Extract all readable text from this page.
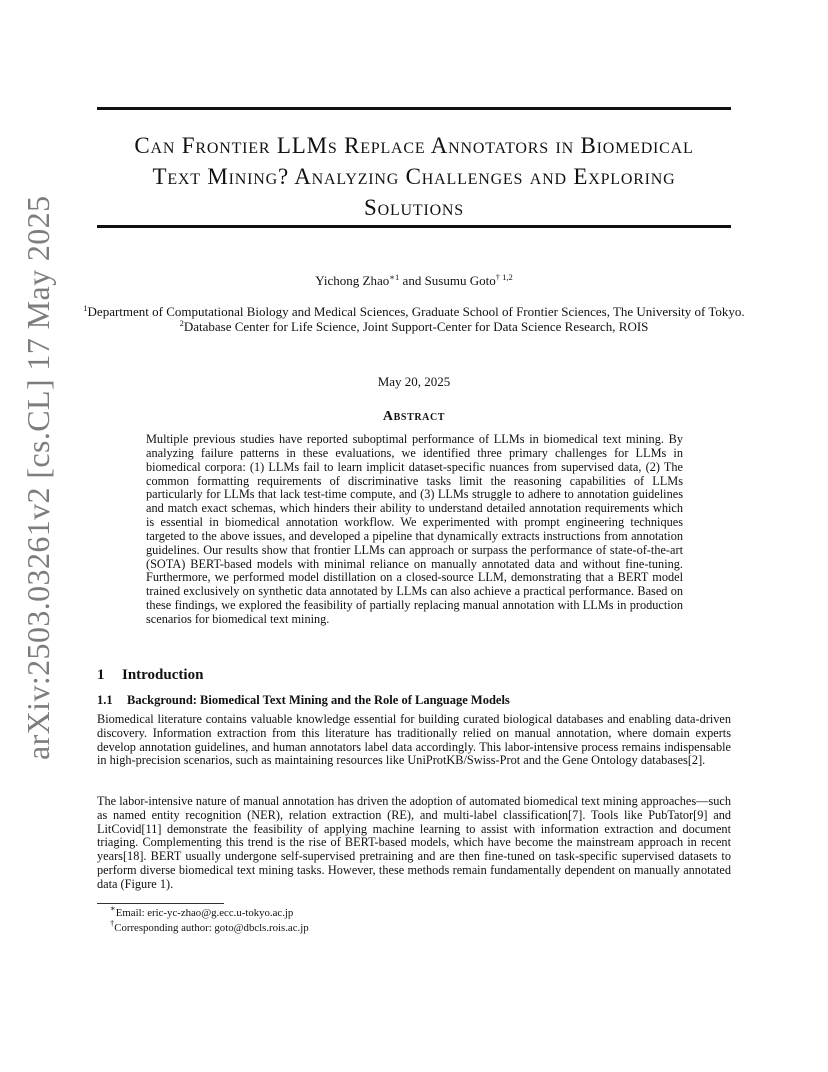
arXiv:2503.03261v2 [cs.CL] 17 May 2025
Can Frontier LLMs Replace Annotators in Biomedical
Text Mining? Analyzing Challenges and Exploring
Solutions
Yichong Zhao$^{∗1}$ and Susumu Goto$^{\dagger 1,2}$
$^1$Department of Computational Biology and Medical Sciences, Graduate School of Frontier Sciences, The University of Tokyo.
$^2$Database Center for Life Science, Joint Support-Center for Data Science Research, ROIS
May 20, 2025
Abstract
Multiple previous studies have reported suboptimal performance of LLMs in biomedical text mining. By analyzing failure patterns in these evaluations, we identified three primary challenges for LLMs in biomedical corpora: (1) LLMs fail to learn implicit dataset-specific nuances from supervised data, (2) The common formatting requirements of discriminative tasks limit the reasoning capabilities of LLMs particularly for LLMs that lack test-time compute, and (3) LLMs struggle to adhere to annotation guidelines and match exact schemas, which hinders their ability to understand detailed annotation requirements which is essential in biomedical annotation workflow. We experimented with prompt engineering techniques targeted to the above issues, and developed a pipeline that dynamically extracts instructions from annotation guidelines. Our results show that frontier LLMs can approach or surpass the performance of state-of-the-art (SOTA) BERT-based models with minimal reliance on manually annotated data and without fine-tuning. Furthermore, we performed model distillation on a closed-source LLM, demonstrating that a BERT model trained exclusively on synthetic data annotated by LLMs can also achieve a practical performance. Based on these findings, we explored the feasibility of partially replacing manual annotation with LLMs in production scenarios for biomedical text mining.
1 Introduction
1.1 Background: Biomedical Text Mining and the Role of Language Models
Biomedical literature contains valuable knowledge essential for building curated biological databases and enabling data-driven discovery. Information extraction from this literature has traditionally relied on manual annotation, where domain experts develop annotation guidelines, and human annotators label data accordingly. This labor-intensive process remains indispensable in high-precision scenarios, such as maintaining resources like UniProtKB/Swiss-Prot and the Gene Ontology databases[2].
The labor-intensive nature of manual annotation has driven the adoption of automated biomedical text mining approaches—such as named entity recognition (NER), relation extraction (RE), and multi-label classification[7]. Tools like PubTator[9] and LitCovid[11] demonstrate the feasibility of applying machine learning to assist with information extraction and document triaging. Complementing this trend is the rise of BERT-based models, which have become the mainstream approach in recent years[18]. BERT usually undergone self-supervised pretraining and are then fine-tuned on task-specific supervised datasets to perform diverse biomedical text mining tasks. However, these methods remain fundamentally dependent on manually annotated data (Figure 1).
∗Email: eric-yc-zhao@g.ecc.u-tokyo.ac.jp
†Corresponding author: goto@dbcls.rois.ac.jp
